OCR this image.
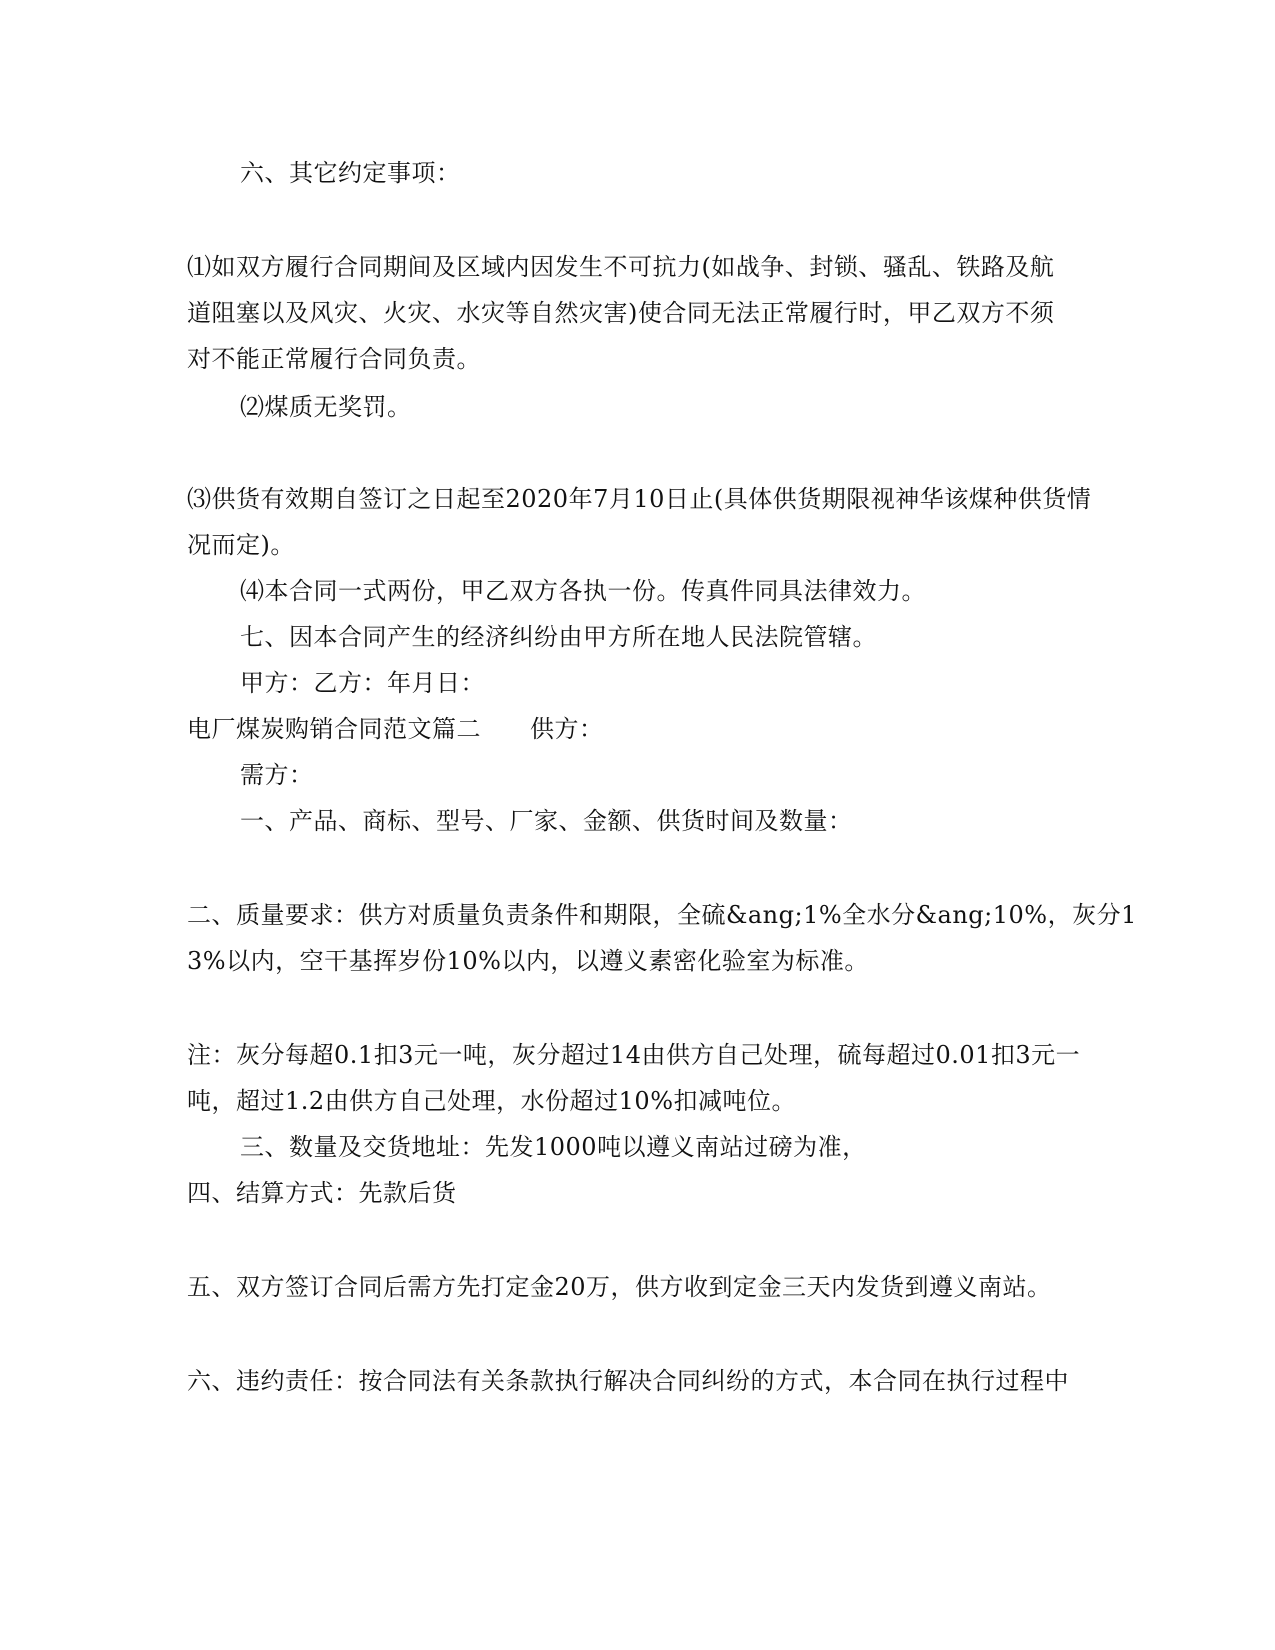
六、其它约定事项：
⑴如双方履行合同期间及区域内因发生不可抗力(如战争、封锁、骚乱、铁路及航
道阻塞以及风灾、火灾、水灾等自然灾害)使合同无法正常履行时，甲乙双方不须
对不能正常履行合同负责。
⑵煤质无奖罚。
⑶供货有效期自签订之日起至2020年7月10日止(具体供货期限视神华该煤种供货情
况而定)。
⑷本合同一式两份，甲乙双方各执一份。传真件同具法律效力。
七、因本合同产生的经济纠纷由甲方所在地人民法院管辖。
甲方：乙方：年月日：
电厂煤炭购销合同范文篇二　　供方：
需方：
一、产品、商标、型号、厂家、金额、供货时间及数量：
二、质量要求：供方对质量负责条件和期限，全硫&ang;1%全水分&ang;10%，灰分1
3%以内，空干基挥岁份10%以内，以遵义素密化验室为标准。
注：灰分每超0.1扣3元一吨，灰分超过14由供方自己处理，硫每超过0.01扣3元一
吨，超过1.2由供方自己处理，水份超过10%扣减吨位。
三、数量及交货地址：先发1000吨以遵义南站过磅为准，
四、结算方式：先款后货
五、双方签订合同后需方先打定金20万，供方收到定金三天内发货到遵义南站。
六、违约责任：按合同法有关条款执行解决合同纠纷的方式，本合同在执行过程中
